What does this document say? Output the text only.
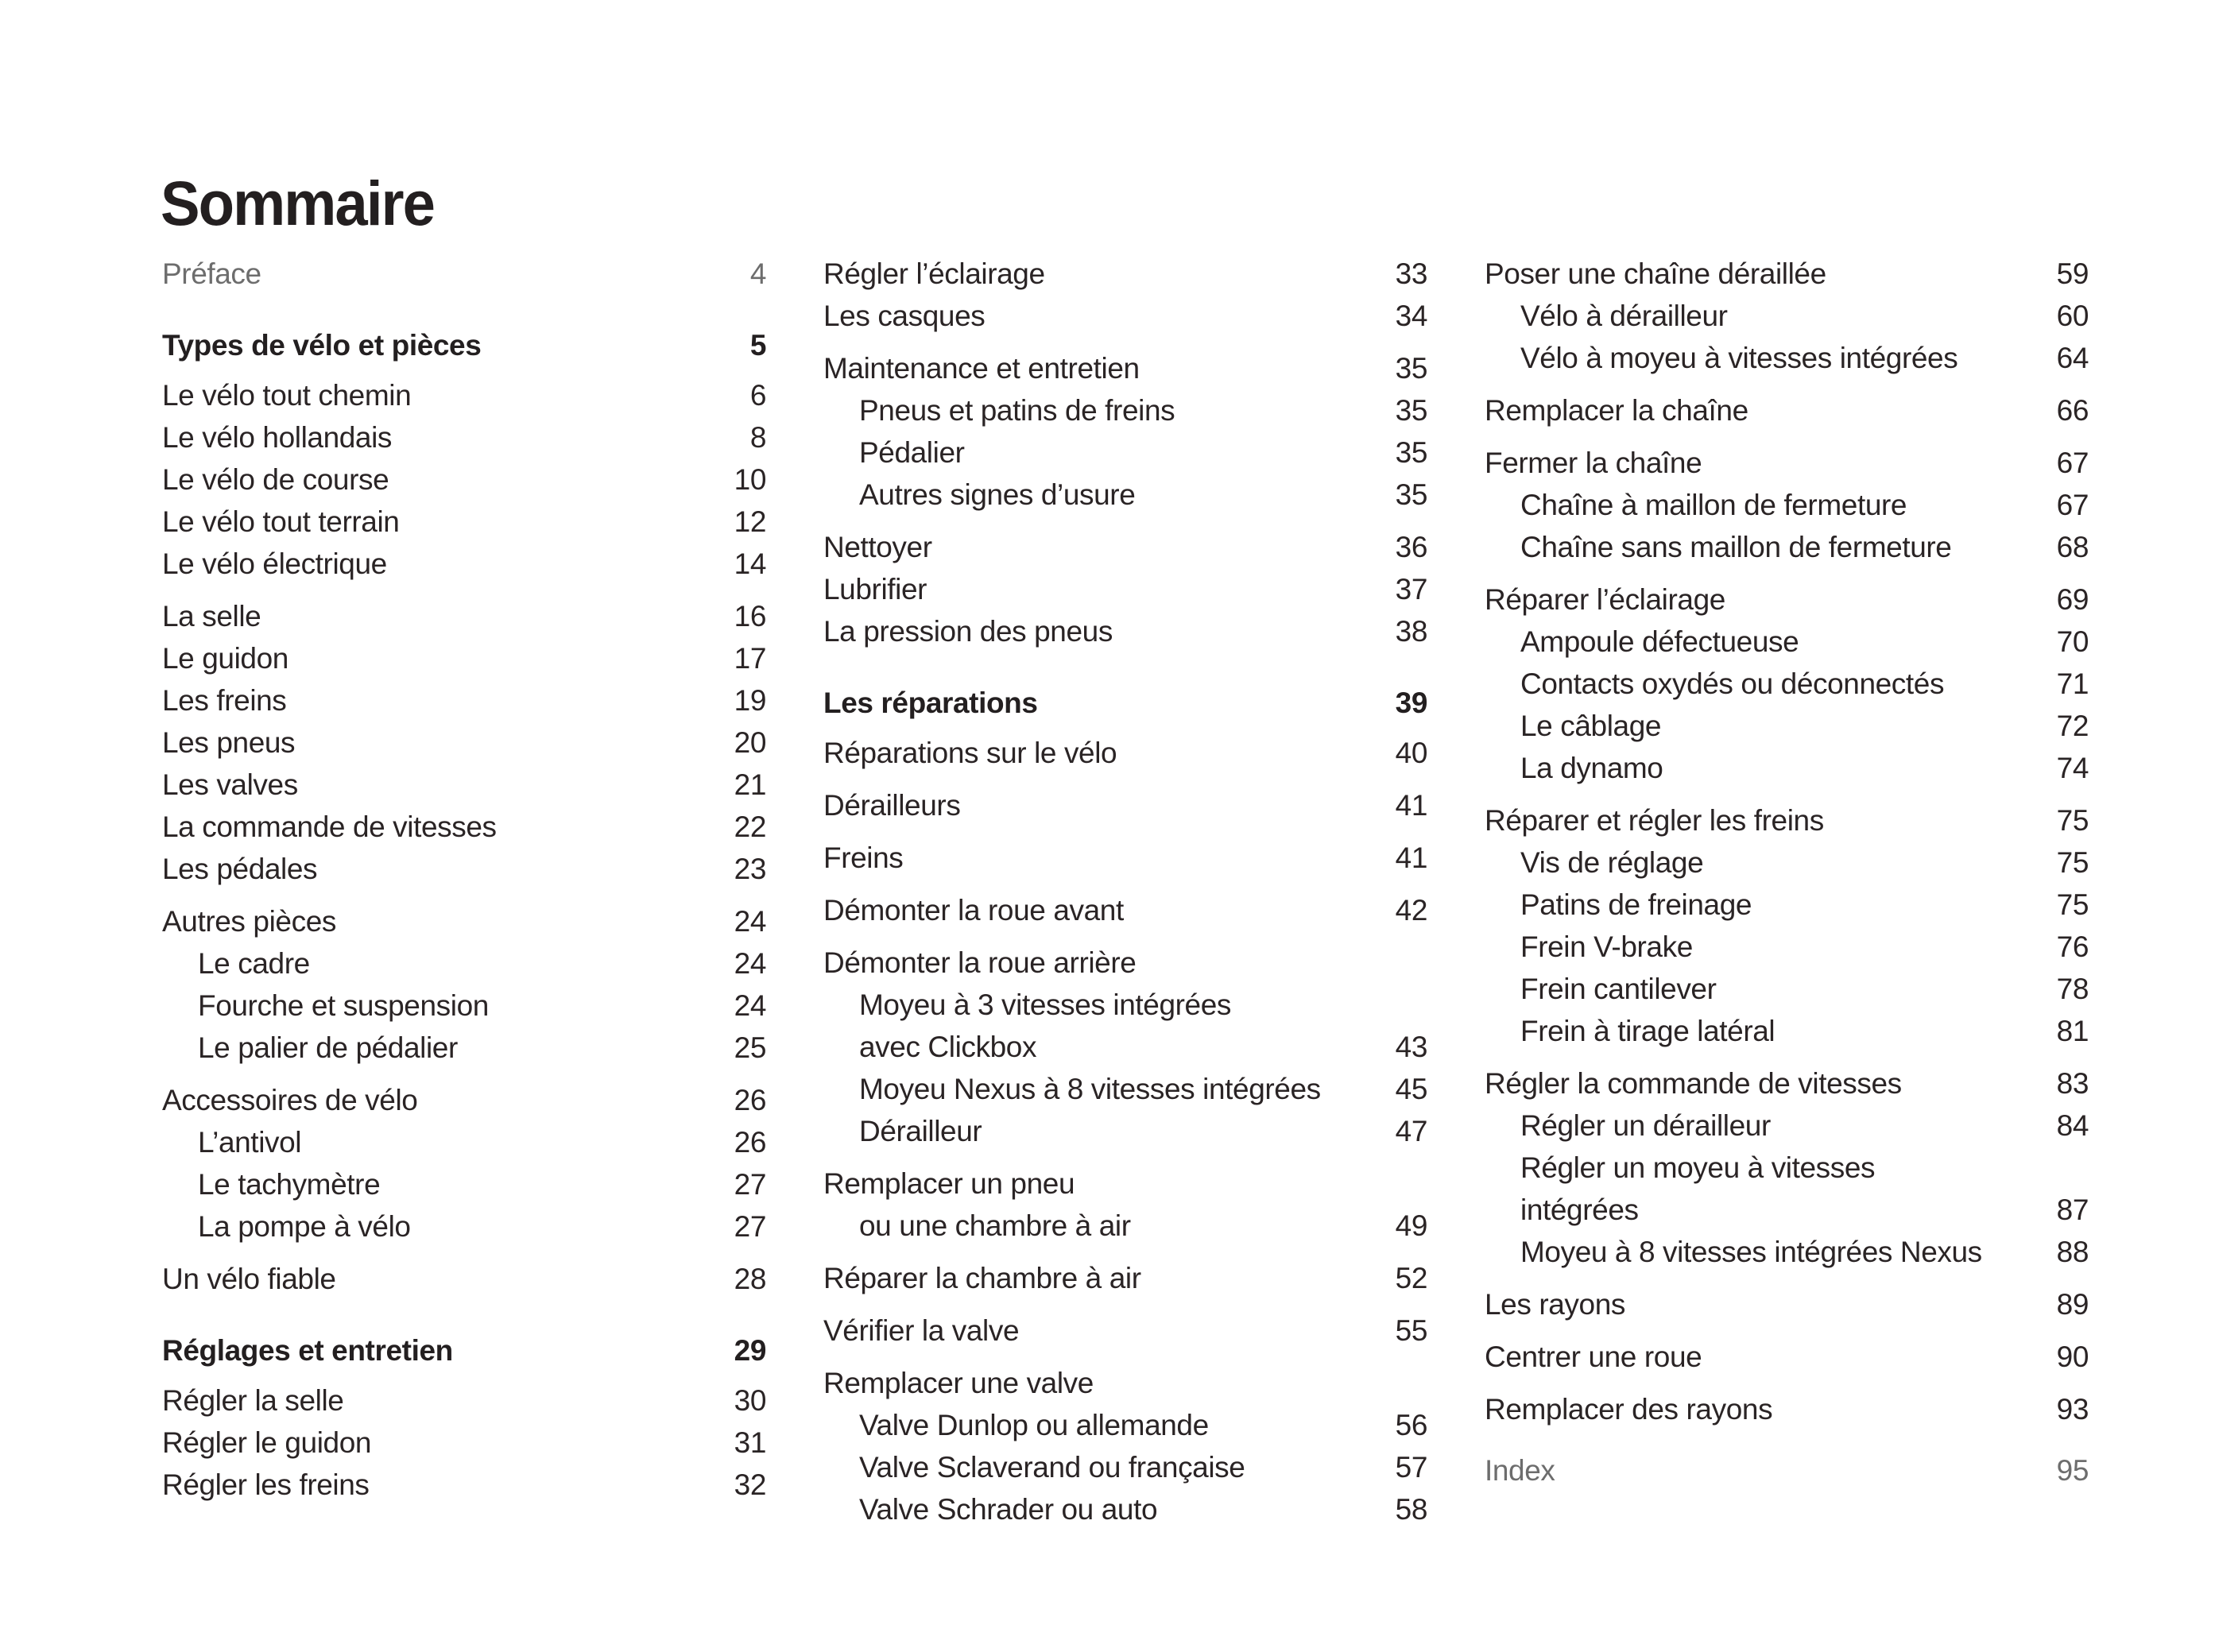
Sommaire
Préface	4
Types de vélo et pièces	5
Le vélo tout chemin	6
Le vélo hollandais	8
Le vélo de course	10
Le vélo tout terrain	12
Le vélo électrique	14
La selle	16
Le guidon	17
Les freins	19
Les pneus	20
Les valves	21
La commande de vitesses	22
Les pédales	23
Autres pièces	24
Le cadre	24
Fourche et suspension	24
Le palier de pédalier	25
Accessoires de vélo	26
L’antivol	26
Le tachymètre	27
La pompe à vélo	27
Un vélo fiable	28
Réglages et entretien	29
Régler la selle	30
Régler le guidon	31
Régler les freins	32
Régler l’éclairage	33
Les casques	34
Maintenance et entretien	35
Pneus et patins de freins	35
Pédalier	35
Autres signes d’usure	35
Nettoyer	36
Lubrifier	37
La pression des pneus	38
Les réparations	39
Réparations sur le vélo	40
Dérailleurs	41
Freins	41
Démonter la roue avant	42
Démonter la roue arrière
Moyeu à 3 vitesses intégrées
avec Clickbox	43
Moyeu Nexus à 8 vitesses intégrées	45
Dérailleur	47
Remplacer un pneu
ou une chambre à air	49
Réparer la chambre à air	52
Vérifier la valve	55
Remplacer une valve
Valve Dunlop ou allemande	56
Valve Sclaverand ou française	57
Valve Schrader ou auto	58
Poser une chaîne déraillée	59
Vélo à dérailleur	60
Vélo à moyeu à vitesses intégrées	64
Remplacer la chaîne	66
Fermer la chaîne	67
Chaîne à maillon de fermeture	67
Chaîne sans maillon de fermeture	68
Réparer l’éclairage	69
Ampoule défectueuse	70
Contacts oxydés ou déconnectés	71
Le câblage	72
La dynamo	74
Réparer et régler les freins	75
Vis de réglage	75
Patins de freinage	75
Frein V-brake	76
Frein cantilever	78
Frein à tirage latéral	81
Régler la commande de vitesses	83
Régler un dérailleur	84
Régler un moyeu à vitesses
intégrées	87
Moyeu à 8 vitesses intégrées Nexus	88
Les rayons	89
Centrer une roue	90
Remplacer des rayons	93
Index	95
